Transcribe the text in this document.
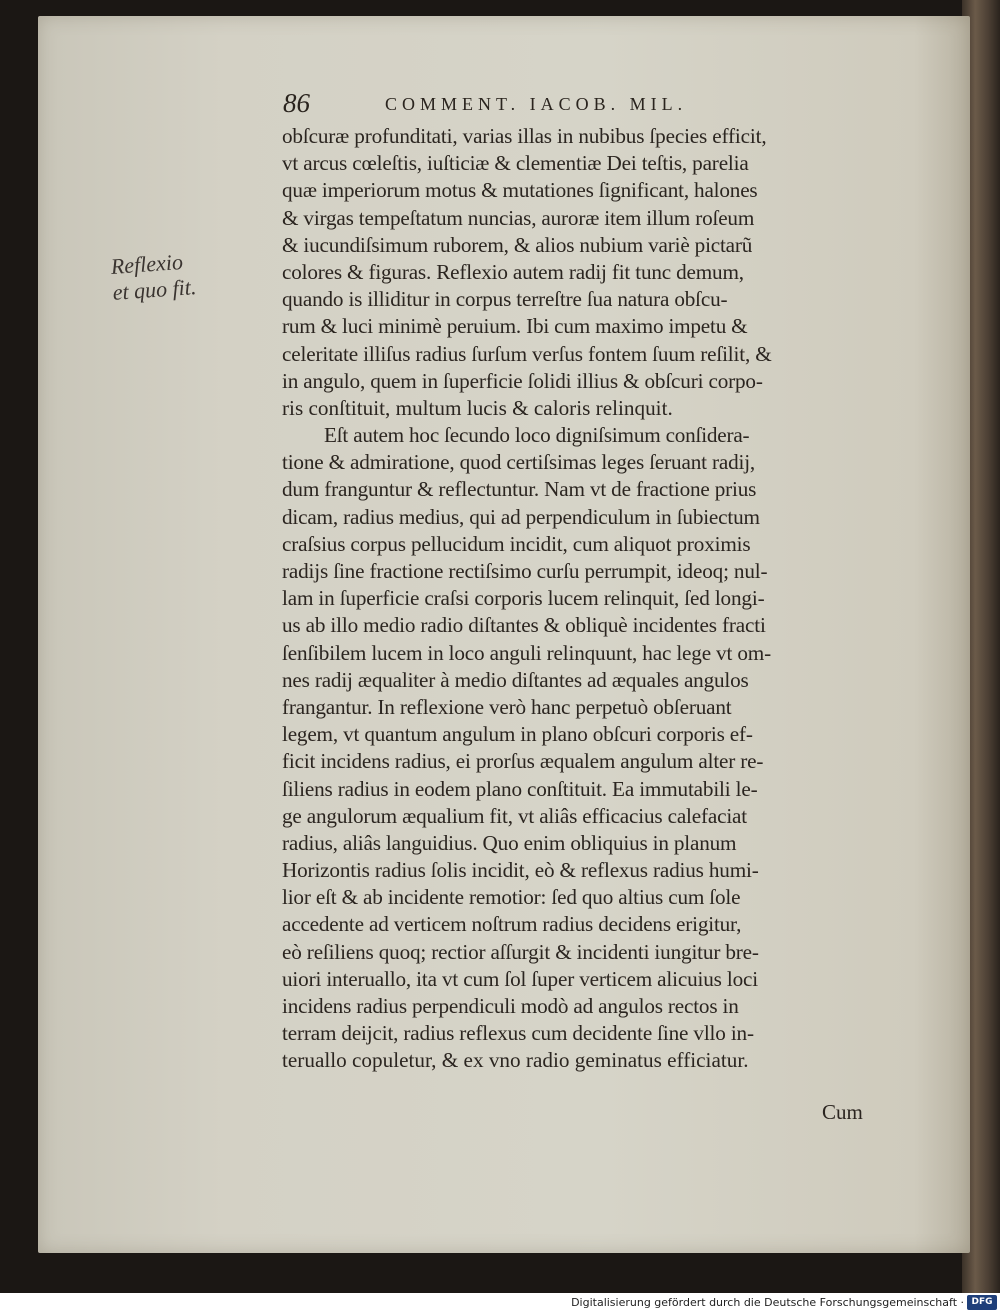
86	COMMENT. IACOB. MIL.
Reflexio
et quo fit.
obſcuræ profunditati, varias illas in nubibus ſpecies efficit,
vt arcus cœleſtis, iuſticiæ & clementiæ Dei teſtis, parelia
quæ imperiorum motus & mutationes ſignificant, halones
& virgas tempeſtatum nuncias, auroræ item illum roſeum
& iucundiſsimum ruborem, & alios nubium variè pictarũ
colores & figuras. Reflexio autem radij fit tunc demum,
quando is illiditur in corpus terreſtre ſua natura obſcu-
rum & luci minimè peruium. Ibi cum maximo impetu &
celeritate illiſus radius ſurſum verſus fontem ſuum reſilit, &
in angulo, quem in ſuperficie ſolidi illius & obſcuri corpo-
ris conſtituit, multum lucis & caloris relinquit.
Eſt autem hoc ſecundo loco digniſsimum conſidera-
tione & admiratione, quod certiſsimas leges ſeruant radij,
dum franguntur & reflectuntur. Nam vt de fractione prius
dicam, radius medius, qui ad perpendiculum in ſubiectum
craſsius corpus pellucidum incidit, cum aliquot proximis
radijs ſine fractione rectiſsimo curſu perrumpit, ideoq; nul-
lam in ſuperficie craſsi corporis lucem relinquit, ſed longi-
us ab illo medio radio diſtantes & obliquè incidentes fracti
ſenſibilem lucem in loco anguli relinquunt, hac lege vt om-
nes radij æqualiter à medio diſtantes ad æquales angulos
frangantur. In reflexione verò hanc perpetuò obſeruant
legem, vt quantum angulum in plano obſcuri corporis ef-
ficit incidens radius, ei prorſus æqualem angulum alter re-
ſiliens radius in eodem plano conſtituit. Ea immutabili le-
ge angulorum æqualium fit, vt aliâs efficacius calefaciat
radius, aliâs languidius. Quo enim obliquius in planum
Horizontis radius ſolis incidit, eò & reflexus radius humi-
lior eſt & ab incidente remotior: ſed quo altius cum ſole
accedente ad verticem noſtrum radius decidens erigitur,
eò reſiliens quoq; rectior aſſurgit & incidenti iungitur bre-
uiori interuallo, ita vt cum ſol ſuper verticem alicuius loci
incidens radius perpendiculi modò ad angulos rectos in
terram deijcit, radius reflexus cum decidente ſine vllo in-
teruallo copuletur, & ex vno radio geminatus efficiatur.
Cum
Digitalisierung gefördert durch die Deutsche Forschungsgemeinschaft · DFG
